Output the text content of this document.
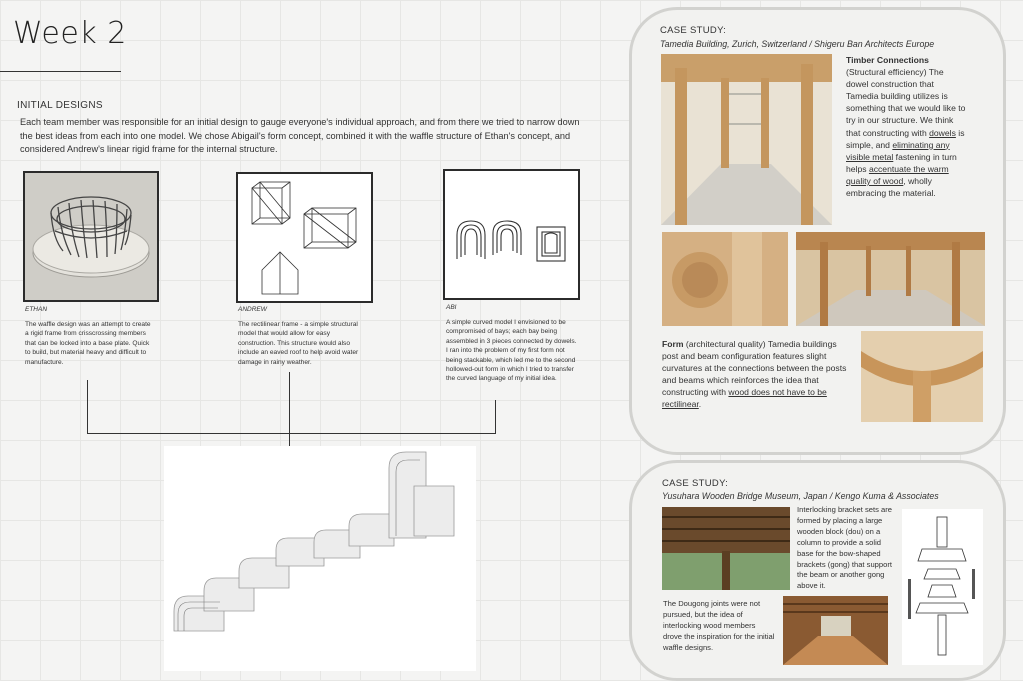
Week 2
INITIAL DESIGNS
Each team member was responsible for an initial design to gauge everyone's individual approach, and from there we tried to narrow down the best ideas from each into one model. We chose Abigail's form concept, combined it with the waffle structure of Ethan's concept, and considered Andrew's linear rigid frame for the internal structure.
ETHAN
The waffle design was an attempt to create a rigid frame from crisscrossing members that can be locked into a base plate. Quick to build, but material heavy and difficult to manufacture.
ANDREW
The rectilinear frame - a simple structural model that would allow for easy construction. This structure would also include an eaved roof to help avoid water damage in rainy weather.
ABI
A simple curved model I envisioned to be compromised of bays; each bay being assembled in 3 pieces connected by dowels. I ran into the problem of my first form not being stackable, which led me to the second hollowed-out form in which I tried to transfer the curved language of my initial idea.
CASE STUDY:
Tamedia Building, Zurich, Switzerland / Shigeru Ban Architects Europe
Timber Connections
(Structural efficiency) The dowel construction that Tamedia building utilizes is something that we would like to try in our structure. We think that constructing with dowels is simple, and eliminating any visible metal fastening in turn helps accentuate the warm quality of wood, wholly embracing the material.
Form (architectural quality) Tamedia buildings post and beam configuration features slight curvatures at the connections between the posts and beams which reinforces the idea that constructing with wood does not have to be rectilinear.
CASE STUDY:
Yusuhara Wooden Bridge Museum, Japan / Kengo Kuma & Associates
Interlocking bracket sets are formed by placing a large wooden block (dou) on a column to provide a solid base for the bow-shaped brackets (gong) that support the beam or another gong above it.
The Dougong joints were not pursued, but the idea of interlocking wood members drove the inspiration for the initial waffle designs.
